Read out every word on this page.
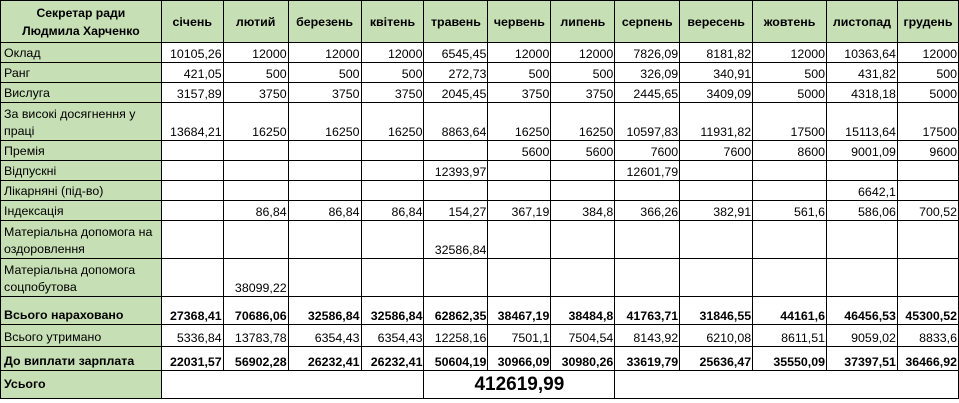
Секретар ради
Людмила Харченко	січень	лютий	березень	квітень	травень	червень	липень	серпень	вересень	жовтень	листопад	грудень
Оклад	10105,26	12000	12000	12000	6545,45	12000	12000	7826,09	8181,82	12000	10363,64	12000
Ранг	421,05	500	500	500	272,73	500	500	326,09	340,91	500	431,82	500
Вислуга	3157,89	3750	3750	3750	2045,45	3750	3750	2445,65	3409,09	5000	4318,18	5000
За високі досягнення у праці	13684,21	16250	16250	16250	8863,64	16250	16250	10597,83	11931,82	17500	15113,64	17500
Премія						5600	5600	7600	7600	8600	9001,09	9600
Відпускні					12393,97			12601,79				
Лікарняні (під-во)											6642,1	
Індексація		86,84	86,84	86,84	154,27	367,19	384,8	366,26	382,91	561,6	586,06	700,52
Матеріальна допомога на оздоровлення					32586,84							
Матеріальна допомога соцпобутова		38099,22										
Всього нараховано	27368,41	70686,06	32586,84	32586,84	62862,35	38467,19	38484,8	41763,71	31846,55	44161,6	46456,53	45300,52
Всього утримано	5336,84	13783,78	6354,43	6354,43	12258,16	7501,1	7504,54	8143,92	6210,08	8611,51	9059,02	8833,6
До виплати зарплата	22031,57	56902,28	26232,41	26232,41	50604,19	30966,09	30980,26	33619,79	25636,47	35550,09	37397,51	36466,92
Усього					412619,99							
